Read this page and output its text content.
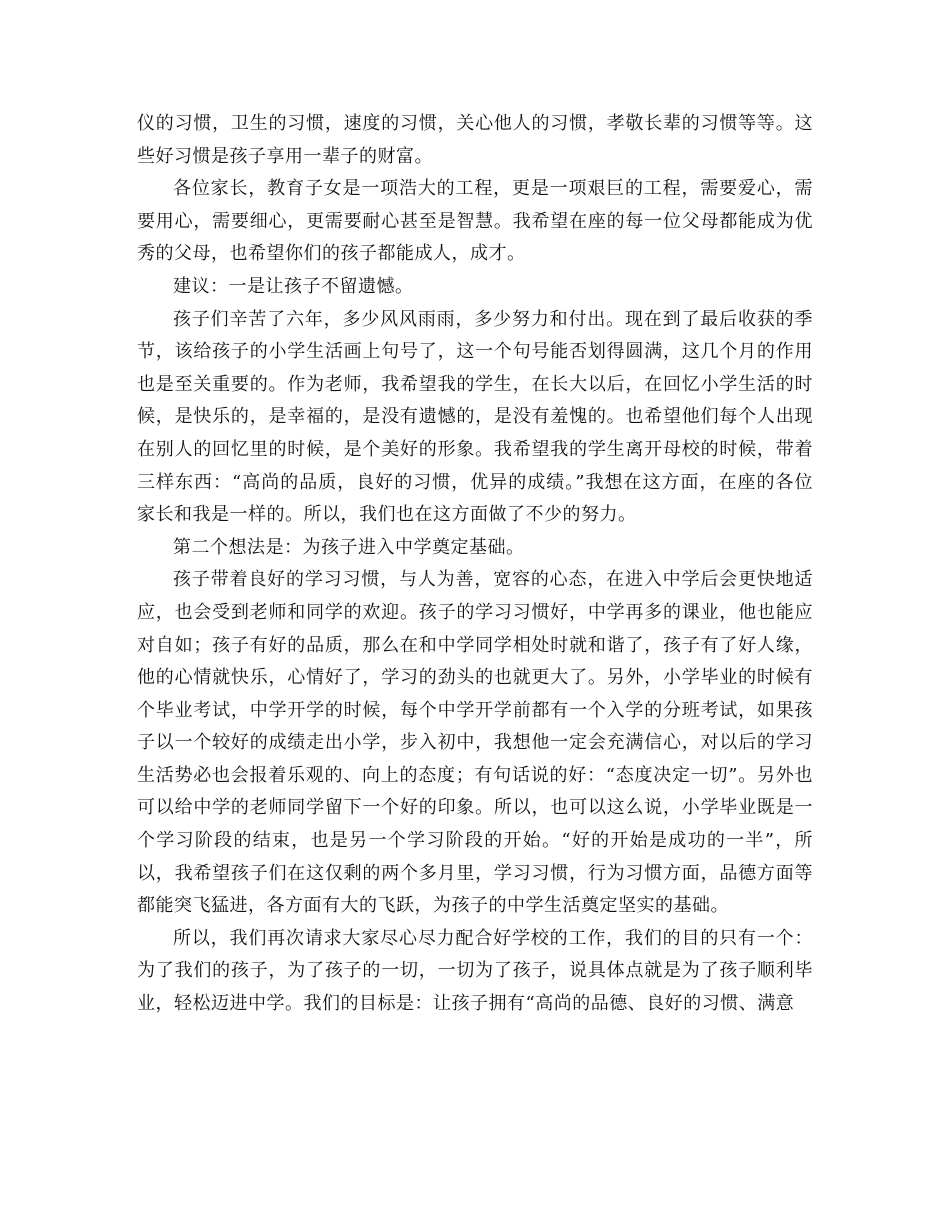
仪的习惯，卫生的习惯，速度的习惯，关心他人的习惯，孝敬长辈的习惯等等。这些好习惯是孩子享用一辈子的财富。

各位家长，教育子女是一项浩大的工程，更是一项艰巨的工程，需要爱心，需要用心，需要细心，更需要耐心甚至是智慧。我希望在座的每一位父母都能成为优秀的父母，也希望你们的孩子都能成人，成才。

建议：一是让孩子不留遗憾。

孩子们辛苦了六年，多少风风雨雨，多少努力和付出。现在到了最后收获的季节，该给孩子的小学生活画上句号了，这一个句号能否划得圆满，这几个月的作用也是至关重要的。作为老师，我希望我的学生，在长大以后，在回忆小学生活的时候，是快乐的，是幸福的，是没有遗憾的，是没有羞愧的。也希望他们每个人出现在别人的回忆里的时候，是个美好的形象。我希望我的学生离开母校的时候，带着三样东西：“高尚的品质，良好的习惯，优异的成绩。”我想在这方面，在座的各位家长和我是一样的。所以，我们也在这方面做了不少的努力。

第二个想法是：为孩子进入中学奠定基础。

孩子带着良好的学习习惯，与人为善，宽容的心态，在进入中学后会更快地适应，也会受到老师和同学的欢迎。孩子的学习习惯好，中学再多的课业，他也能应对自如；孩子有好的品质，那么在和中学同学相处时就和谐了，孩子有了好人缘，他的心情就快乐，心情好了，学习的劲头的也就更大了。另外，小学毕业的时候有个毕业考试，中学开学的时候，每个中学开学前都有一个入学的分班考试，如果孩子以一个较好的成绩走出小学，步入初中，我想他一定会充满信心，对以后的学习生活势必也会报着乐观的、向上的态度；有句话说的好：“态度决定一切”。另外也可以给中学的老师同学留下一个好的印象。所以，也可以这么说，小学毕业既是一个学习阶段的结束，也是另一个学习阶段的开始。“好的开始是成功的一半”，所以，我希望孩子们在这仅剩的两个多月里，学习习惯，行为习惯方面，品德方面等都能突飞猛进，各方面有大的飞跃，为孩子的中学生活奠定坚实的基础。

所以，我们再次请求大家尽心尽力配合好学校的工作，我们的目的只有一个：为了我们的孩子，为了孩子的一切，一切为了孩子，说具体点就是为了孩子顺利毕业，轻松迈进中学。我们的目标是：让孩子拥有“高尚的品德、良好的习惯、满意
